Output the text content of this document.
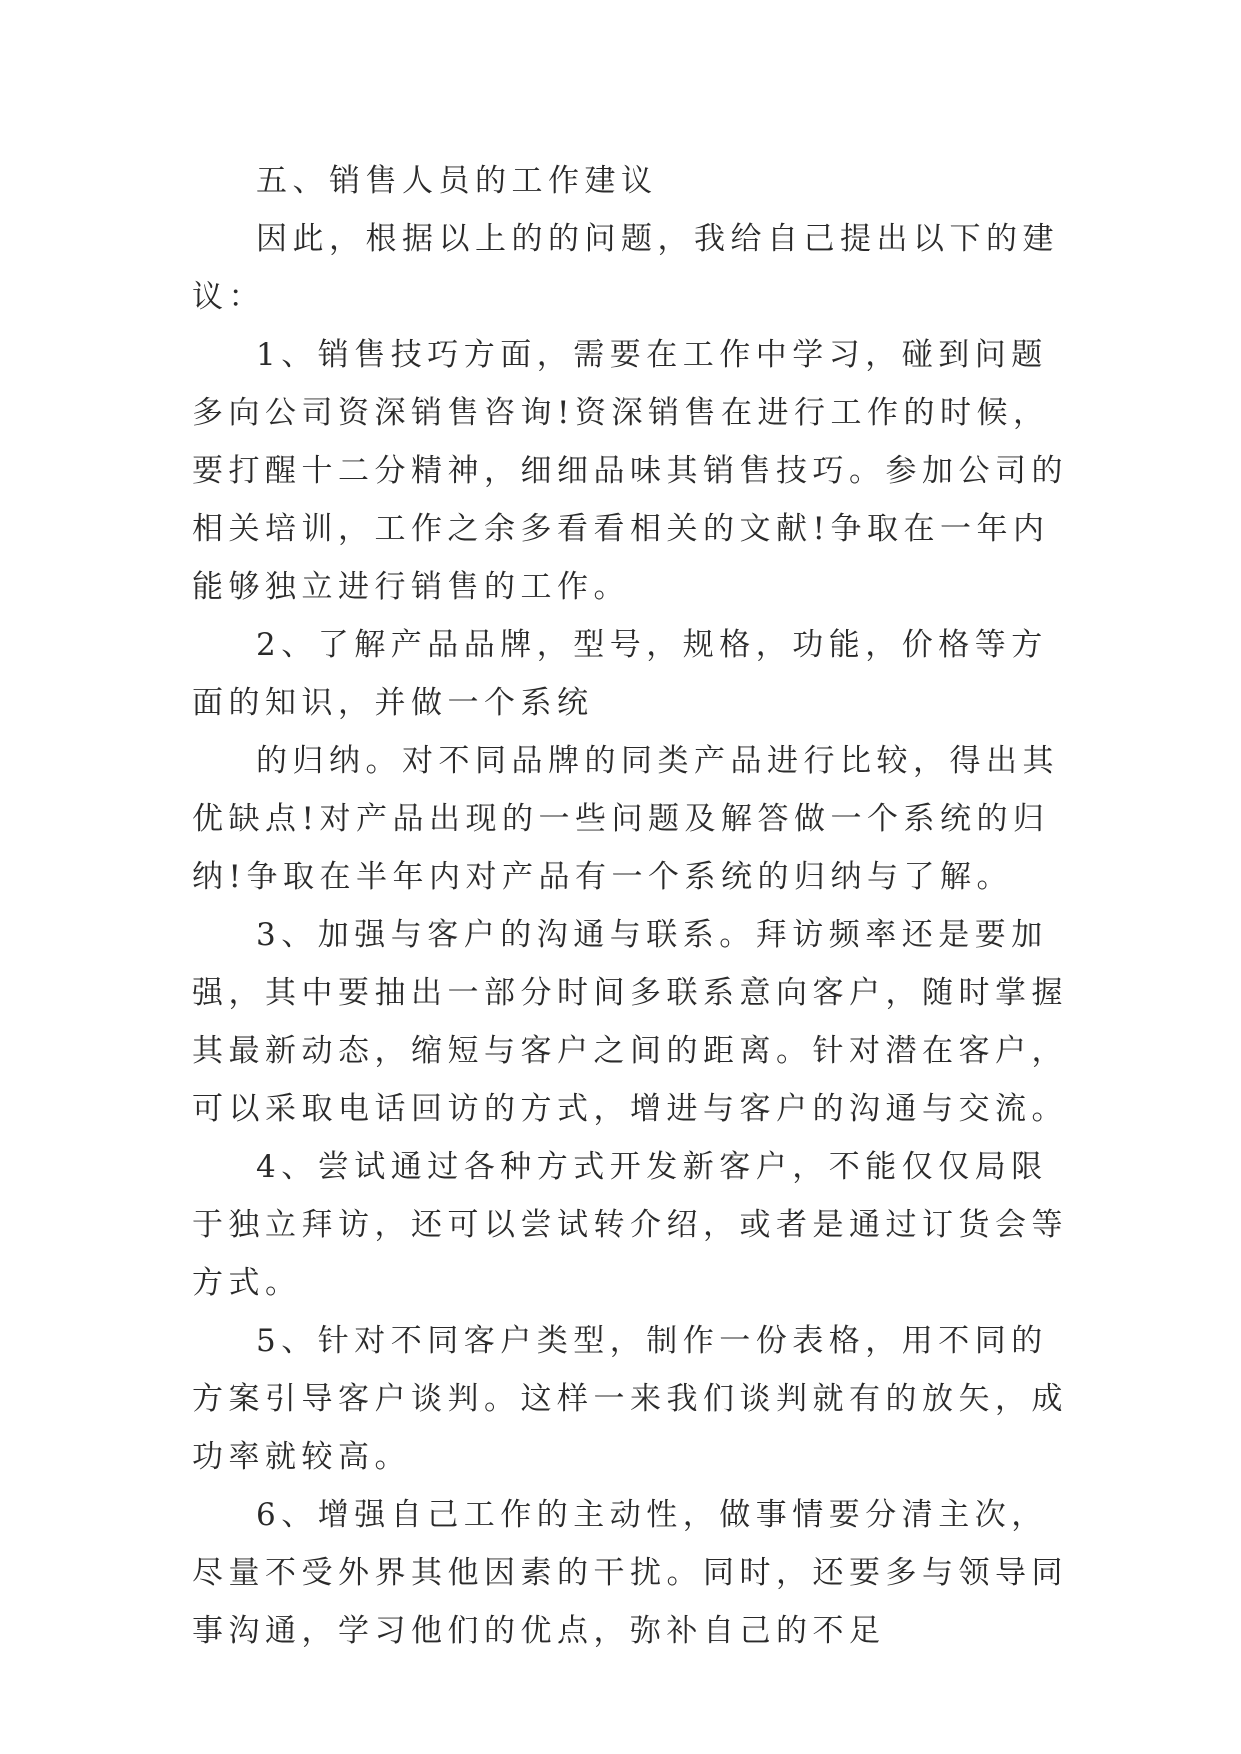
五、销售人员的工作建议

因此，根据以上的的问题，我给自己提出以下的建议：

1、销售技巧方面，需要在工作中学习，碰到问题多向公司资深销售咨询!资深销售在进行工作的时候，要打醒十二分精神，细细品味其销售技巧。参加公司的相关培训，工作之余多看看相关的文献!争取在一年内能够独立进行销售的工作。

2、了解产品品牌，型号，规格，功能，价格等方面的知识，并做一个系统

的归纳。对不同品牌的同类产品进行比较，得出其优缺点!对产品出现的一些问题及解答做一个系统的归纳!争取在半年内对产品有一个系统的归纳与了解。

3、加强与客户的沟通与联系。拜访频率还是要加强，其中要抽出一部分时间多联系意向客户，随时掌握其最新动态，缩短与客户之间的距离。针对潜在客户，可以采取电话回访的方式，增进与客户的沟通与交流。

4、尝试通过各种方式开发新客户，不能仅仅局限于独立拜访，还可以尝试转介绍，或者是通过订货会等方式。

5、针对不同客户类型，制作一份表格，用不同的方案引导客户谈判。这样一来我们谈判就有的放矢，成功率就较高。

6、增强自己工作的主动性，做事情要分清主次，尽量不受外界其他因素的干扰。同时，还要多与领导同事沟通，学习他们的优点，弥补自己的不足
